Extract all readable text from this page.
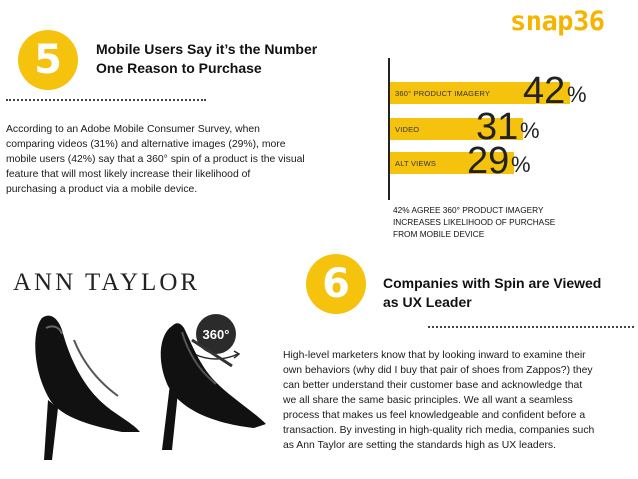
snap36
5	Mobile Users Say it’s the Number
One Reason to Purchase
According to an Adobe Mobile Consumer Survey, when
comparing videos (31%) and alternative images (29%), more
mobile users (42%) say that a 360° spin of a product is the visual
feature that will most likely increase their likelihood of
purchasing a product via a mobile device.
360° PRODUCT IMAGERY 42 %
VIDEO 31 %
ALT VIEWS 29 %
42% AGREE 360° PRODUCT IMAGERY
INCREASES LIKELIHOOD OF PURCHASE
FROM MOBILE DEVICE
ANN TAYLOR
360°
6	Companies with Spin are Viewed
as UX Leader
High-level marketers know that by looking inward to examine their
own behaviors (why did I buy that pair of shoes from Zappos?) they
can better understand their customer base and acknowledge that
we all share the same basic principles. We all want a seamless
process that makes us feel knowledgeable and confident before a
transaction. By investing in high-quality rich media, companies such
as Ann Taylor are setting the standards high as UX leaders.
